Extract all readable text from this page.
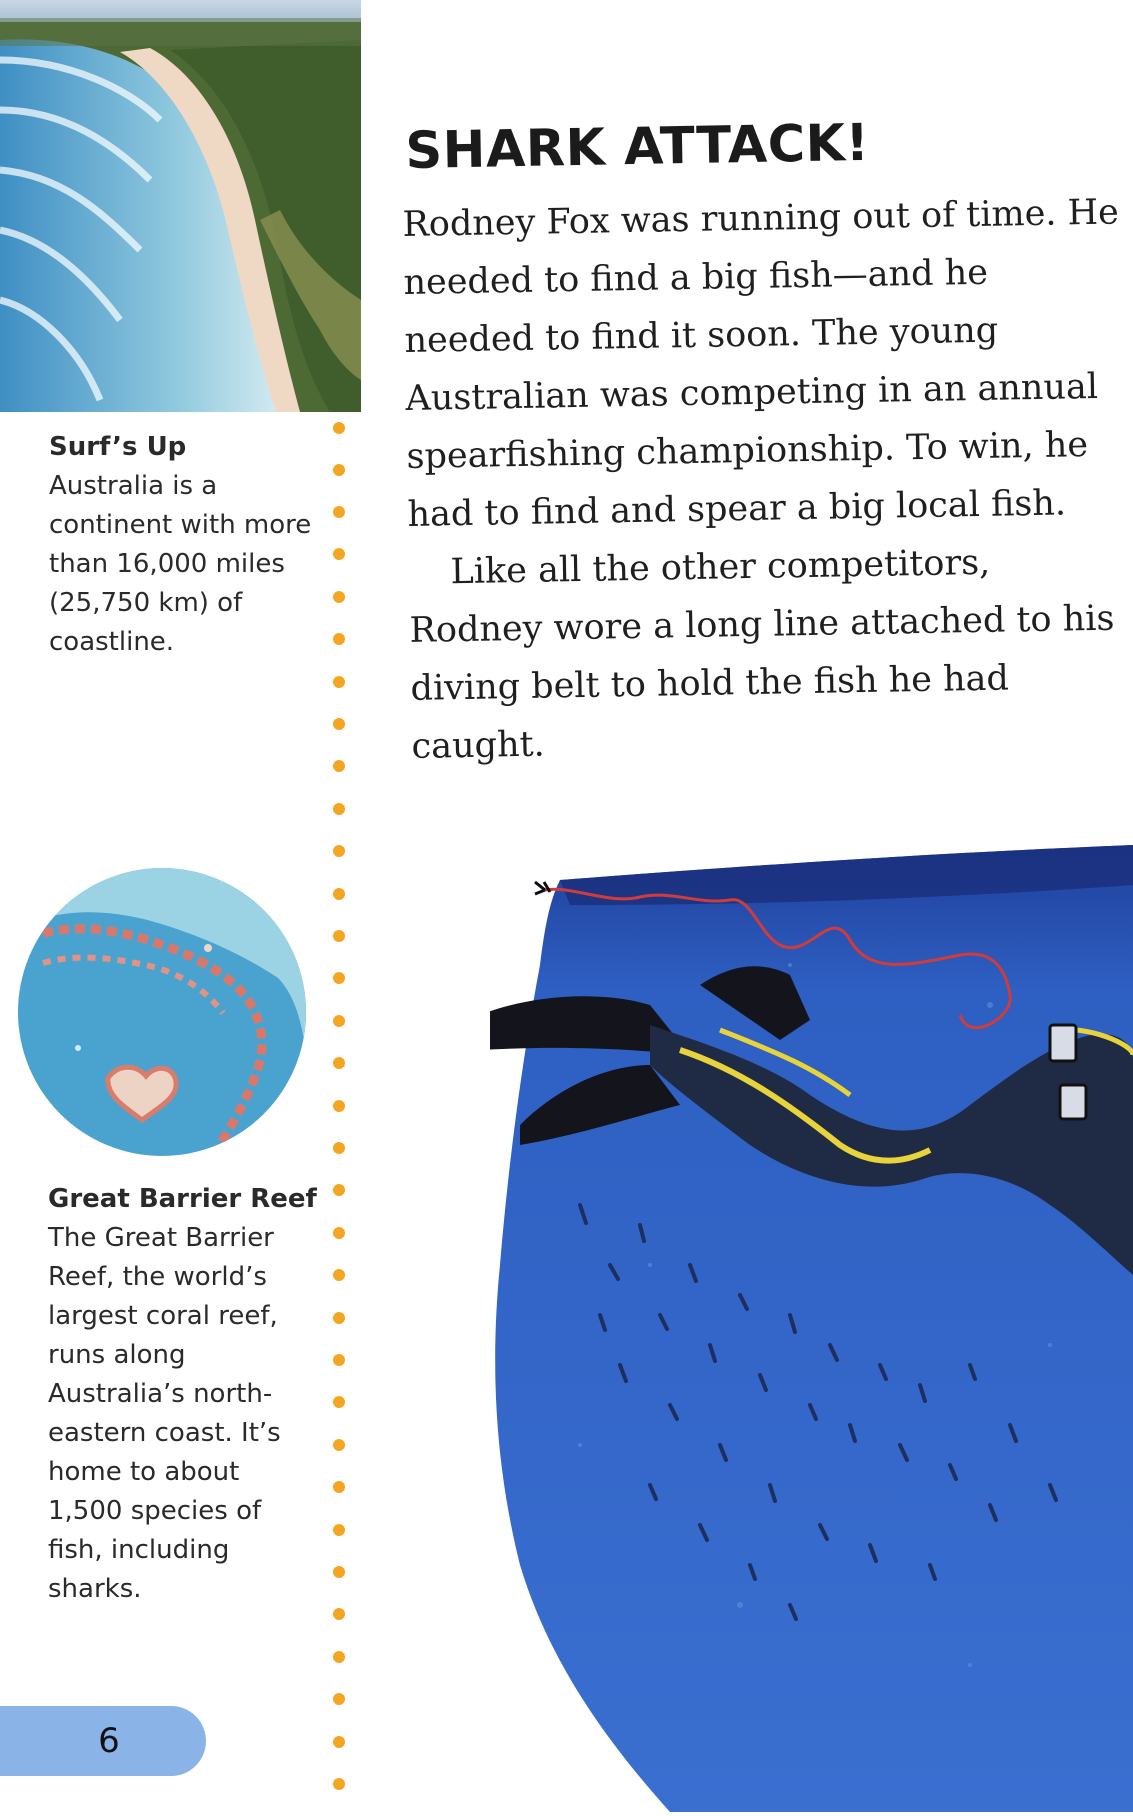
Surf’s Up
Australia is a continent with more than 16,000 miles (25,750 km) of coastline.
Great Barrier Reef
The Great Barrier Reef, the world’s largest coral reef, runs along Australia’s north-eastern coast. It’s home to about 1,500 species of fish, including sharks.
SHARK ATTACK!

Rodney Fox was running out of time. He needed to find a big fish—and he needed to find it soon. The young Australian was competing in an annual spearfishing championship. To win, he had to find and spear a big local fish.

Like all the other competitors, Rodney wore a long line attached to his diving belt to hold the fish he had caught.

6
